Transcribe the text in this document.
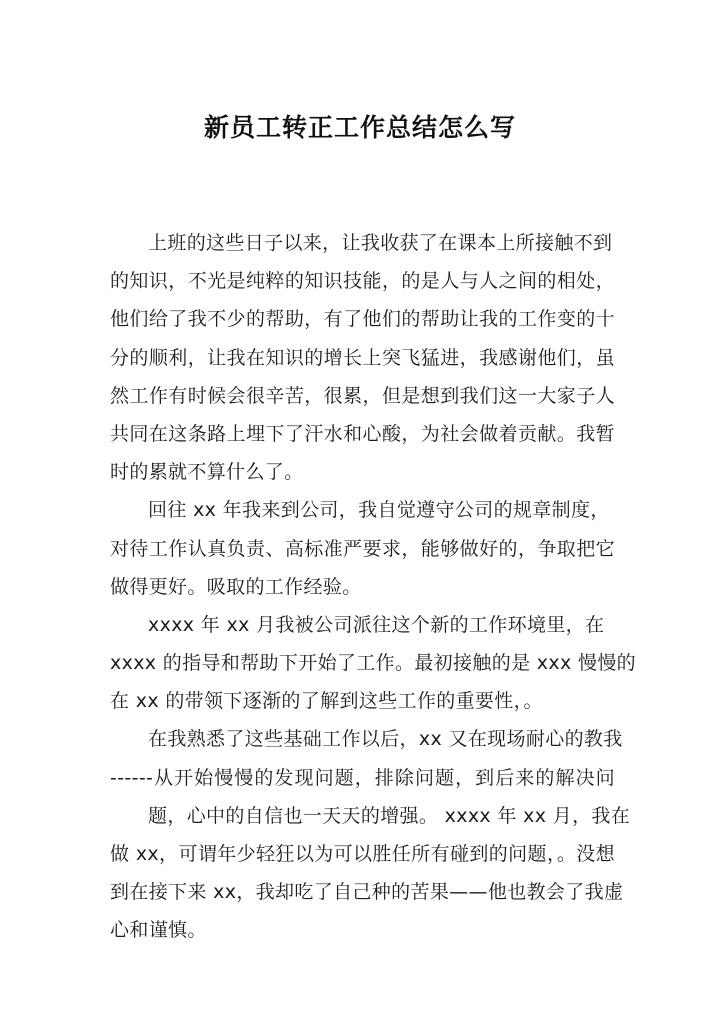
新员工转正工作总结怎么写
上班的这些日子以来，让我收获了在课本上所接触不到
的知识，不光是纯粹的知识技能，的是人与人之间的相处，
他们给了我不少的帮助，有了他们的帮助让我的工作变的十
分的顺利，让我在知识的增长上突飞猛进，我感谢他们，虽
然工作有时候会很辛苦，很累，但是想到我们这一大家子人
共同在这条路上埋下了汗水和心酸，为社会做着贡献。我暂
时的累就不算什么了。
回往 xx 年我来到公司，我自觉遵守公司的规章制度，
对待工作认真负责、高标准严要求，能够做好的，争取把它
做得更好。吸取的工作经验。
xxxx 年 xx 月我被公司派往这个新的工作环境里，在
xxxx 的指导和帮助下开始了工作。最初接触的是 xxx 慢慢的
在 xx 的带领下逐渐的了解到这些工作的重要性，。
在我熟悉了这些基础工作以后，xx 又在现场耐心的教我
------从开始慢慢的发现问题，排除问题，到后来的解决问
题，心中的自信也一天天的增强。 xxxx 年 xx 月，我在
做 xx，可谓年少轻狂以为可以胜任所有碰到的问题，。没想
到在接下来 xx，我却吃了自己种的苦果——他也教会了我虚
心和谨慎。
